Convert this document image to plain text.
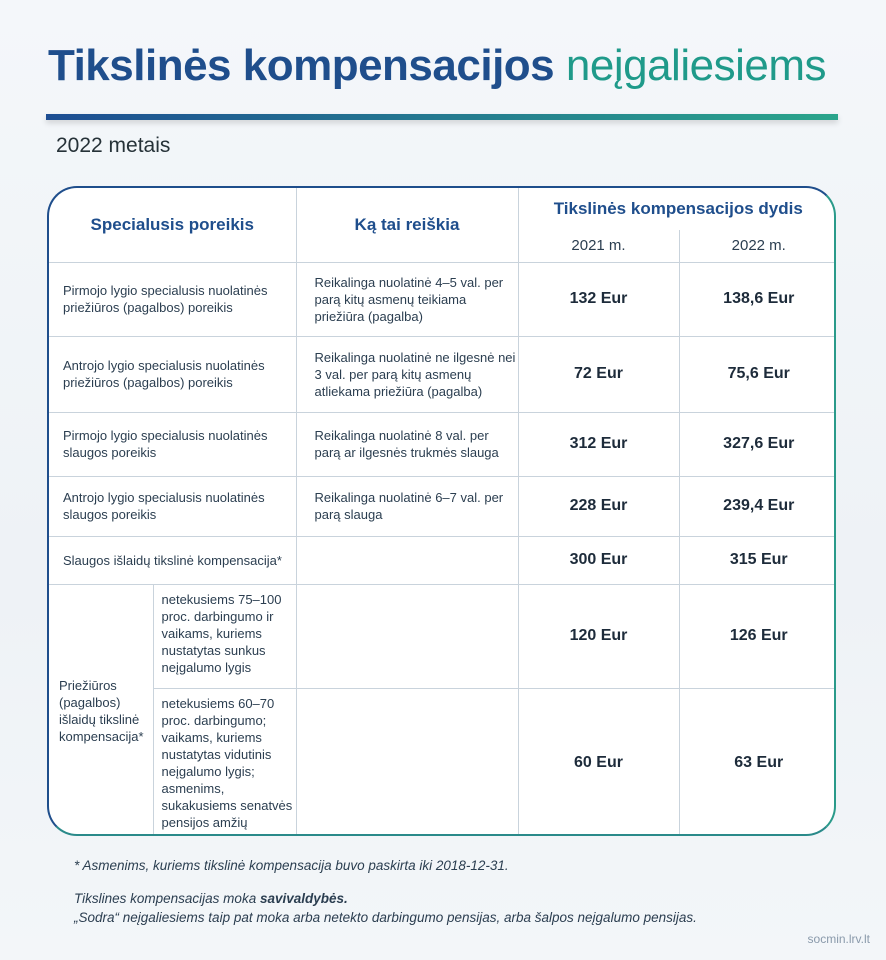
Tikslinės kompensacijos neįgaliesiems
2022 metais
Specialusis poreikis		Ką tai reiškia	Tikslinės kompensacijos dydis	
			2021 m.	2022 m.
Pirmojo lygio specialusis nuolatinės priežiūros (pagalbos) poreikis		Reikalinga nuolatinė 4–5 val. per parą kitų asmenų teikiama priežiūra (pagalba)	132 Eur	138,6 Eur
Antrojo lygio specialusis nuolatinės priežiūros (pagalbos) poreikis		Reikalinga nuolatinė ne ilgesnė nei 3 val. per parą kitų asmenų atliekama priežiūra (pagalba)	72 Eur	75,6 Eur
Pirmojo lygio specialusis nuolatinės slaugos poreikis		Reikalinga nuolatinė 8 val. per parą ar ilgesnės trukmės slauga	312 Eur	327,6 Eur
Antrojo lygio specialusis nuolatinės slaugos poreikis		Reikalinga nuolatinė 6–7 val. per parą slauga	228 Eur	239,4 Eur
Slaugos išlaidų tikslinė kompensacija*			300 Eur	315 Eur
Priežiūros (pagalbos) išlaidų tikslinė kompensacija*	netekusiems 75–100 proc. darbingumo ir vaikams, kuriems nustatytas sunkus neįgalumo lygis		120 Eur	126 Eur
	netekusiems 60–70 proc. darbingumo; vaikams, kuriems nustatytas vidutinis neįgalumo lygis; asmenims, sukakusiems senatvės pensijos amžių		60 Eur	63 Eur

* Asmenims, kuriems tikslinė kompensacija buvo paskirta iki 2018-12-31.

Tikslines kompensacijas moka savivaldybės.

„Sodra“ neįgaliesiems taip pat moka arba netekto darbingumo pensijas, arba šalpos neįgalumo pensijas.

socmin.lrv.lt
